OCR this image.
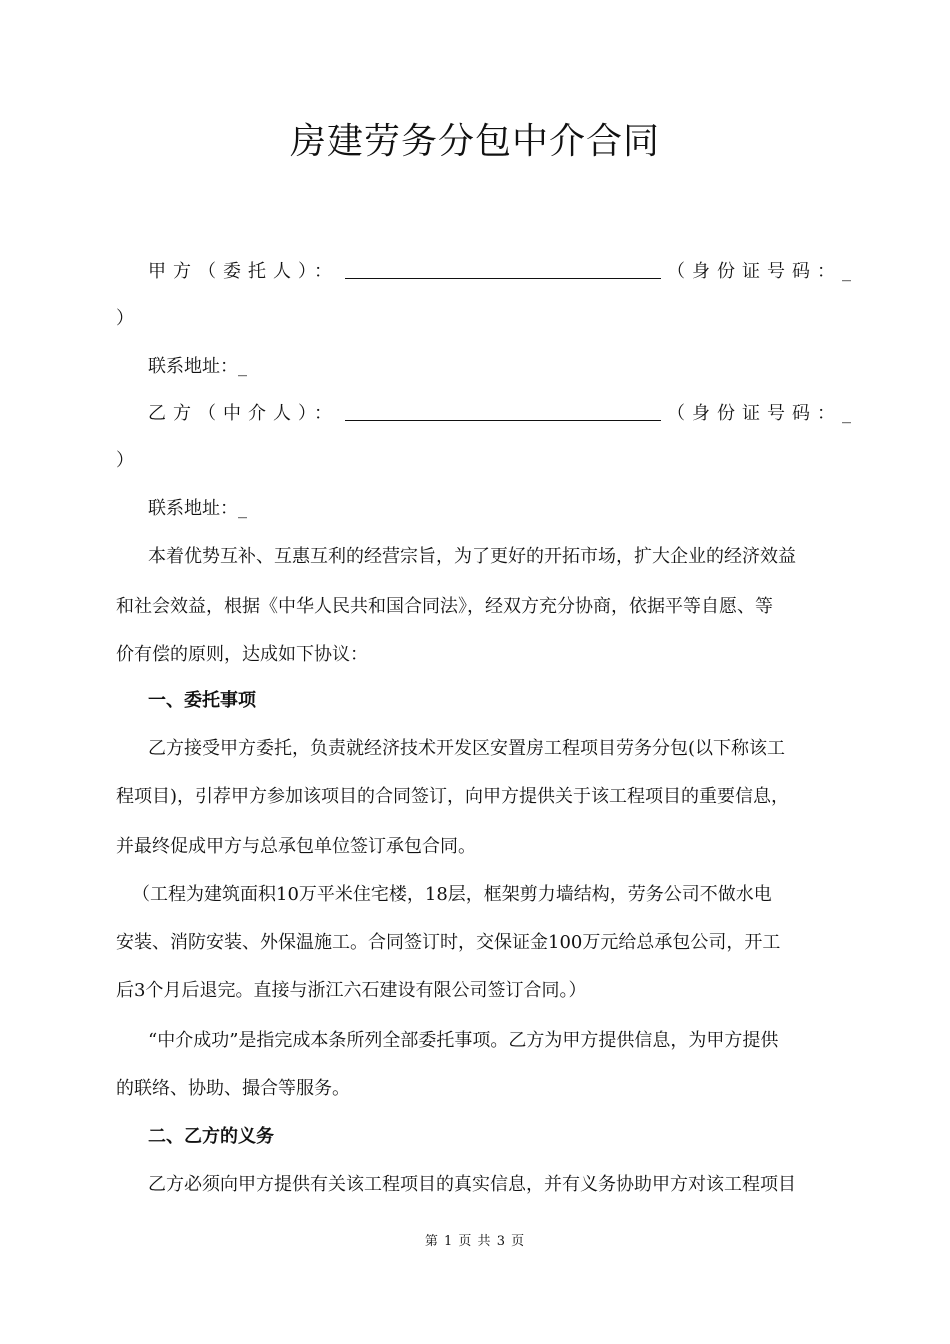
房建劳务分包中介合同
甲方（委托人）：	（身份证号码：_
）
联系地址：_
乙方（中介人）：	（身份证号码：_
）
联系地址：_
本着优势互补、互惠互利的经营宗旨，为了更好的开拓市场，扩大企业的经济效益
和社会效益，根据《中华人民共和国合同法》，经双方充分协商，依据平等自愿、等
价有偿的原则，达成如下协议：
一、委托事项
乙方接受甲方委托，负责就经济技术开发区安置房工程项目劳务分包(以下称该工
程项目)，引荐甲方参加该项目的合同签订，向甲方提供关于该工程项目的重要信息，
并最终促成甲方与总承包单位签订承包合同。
（工程为建筑面积10万平米住宅楼，18层，框架剪力墙结构，劳务公司不做水电
安装、消防安装、外保温施工。合同签订时，交保证金100万元给总承包公司，开工
后3个月后退完。直接与浙江六石建设有限公司签订合同。）
“中介成功”是指完成本条所列全部委托事项。乙方为甲方提供信息，为甲方提供
的联络、协助、撮合等服务。
二、乙方的义务
乙方必须向甲方提供有关该工程项目的真实信息，并有义务协助甲方对该工程项目
第 1 页 共 3 页
